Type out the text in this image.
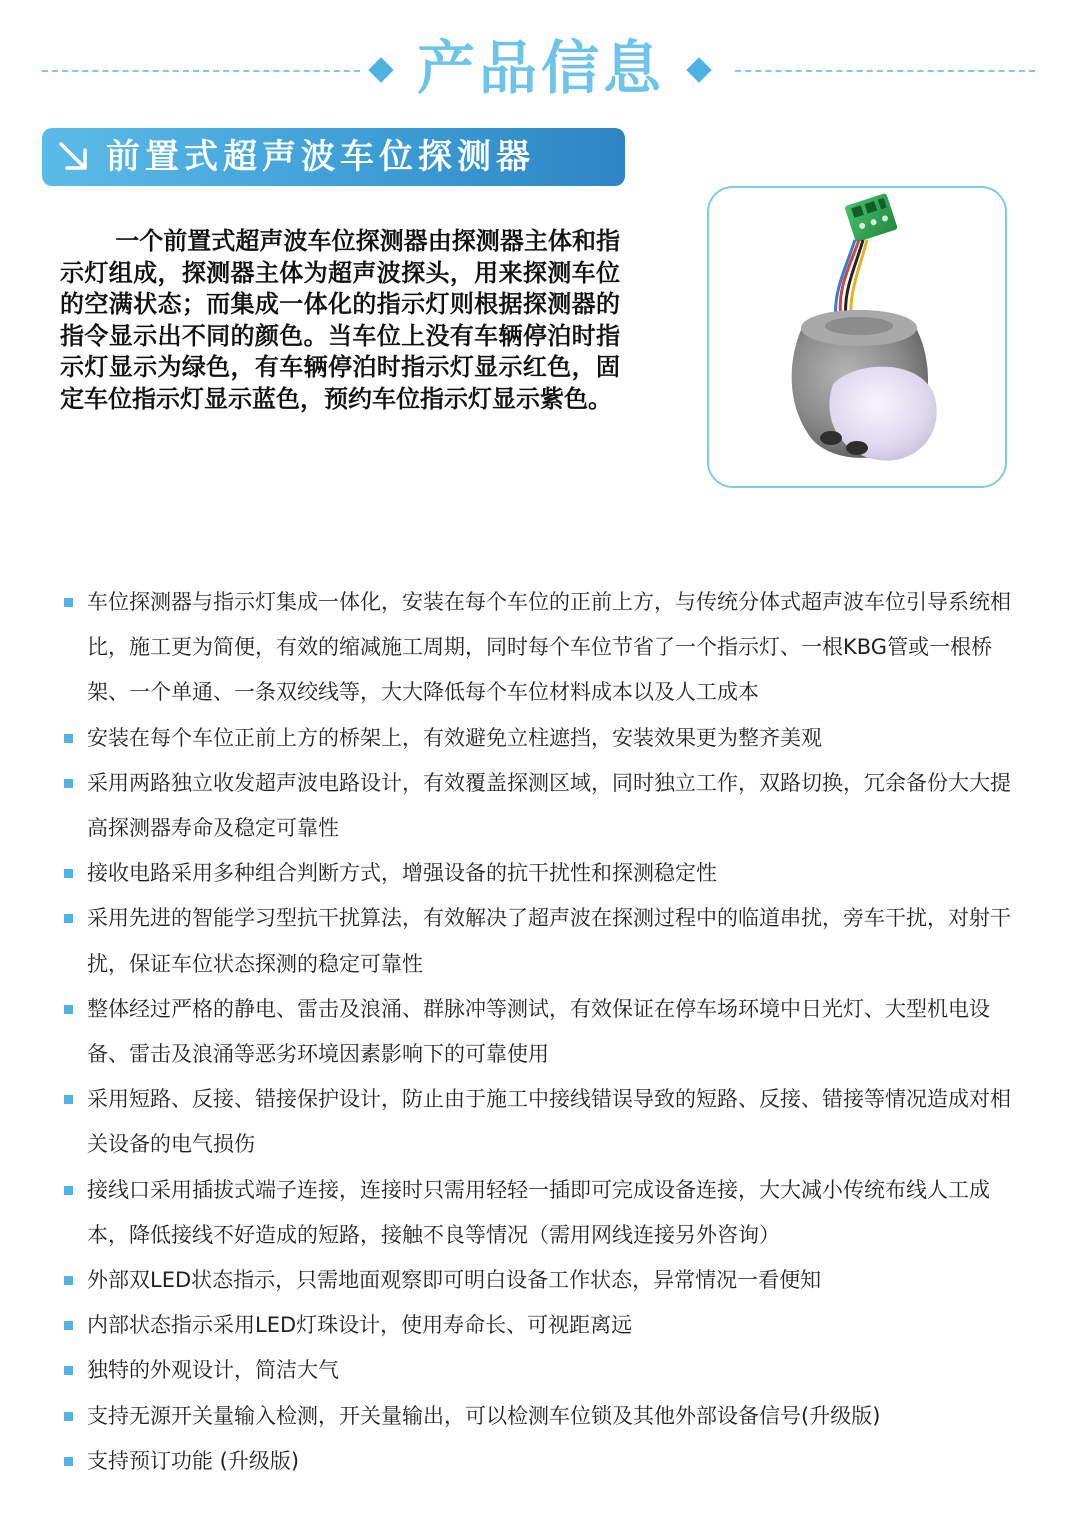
产品信息
前置式超声波车位探测器

一个前置式超声波车位探测器由探测器主体和指示灯组成，探测器主体为超声波探头，用来探测车位的空满状态；而集成一体化的指示灯则根据探测器的指令显示出不同的颜色。当车位上没有车辆停泊时指示灯显示为绿色，有车辆停泊时指示灯显示红色，固定车位指示灯显示蓝色，预约车位指示灯显示紫色。

车位探测器与指示灯集成一体化，安装在每个车位的正前上方，与传统分体式超声波车位引导系统相比，施工更为简便，有效的缩减施工周期，同时每个车位节省了一个指示灯、一根KBG管或一根桥架、一个单通、一条双绞线等，大大降低每个车位材料成本以及人工成本
安装在每个车位正前上方的桥架上，有效避免立柱遮挡，安装效果更为整齐美观
采用两路独立收发超声波电路设计，有效覆盖探测区域，同时独立工作，双路切换，冗余备份大大提高探测器寿命及稳定可靠性
接收电路采用多种组合判断方式，增强设备的抗干扰性和探测稳定性
采用先进的智能学习型抗干扰算法，有效解决了超声波在探测过程中的临道串扰，旁车干扰，对射干扰，保证车位状态探测的稳定可靠性
整体经过严格的静电、雷击及浪涌、群脉冲等测试，有效保证在停车场环境中日光灯、大型机电设备、雷击及浪涌等恶劣环境因素影响下的可靠使用
采用短路、反接、错接保护设计，防止由于施工中接线错误导致的短路、反接、错接等情况造成对相关设备的电气损伤
接线口采用插拔式端子连接，连接时只需用轻轻一插即可完成设备连接，大大减小传统布线人工成本，降低接线不好造成的短路，接触不良等情况（需用网线连接另外咨询）
外部双LED状态指示，只需地面观察即可明白设备工作状态，异常情况一看便知
内部状态指示采用LED灯珠设计，使用寿命长、可视距离远
独特的外观设计，简洁大气
支持无源开关量输入检测，开关量输出，可以检测车位锁及其他外部设备信号(升级版)
支持预订功能 (升级版)
